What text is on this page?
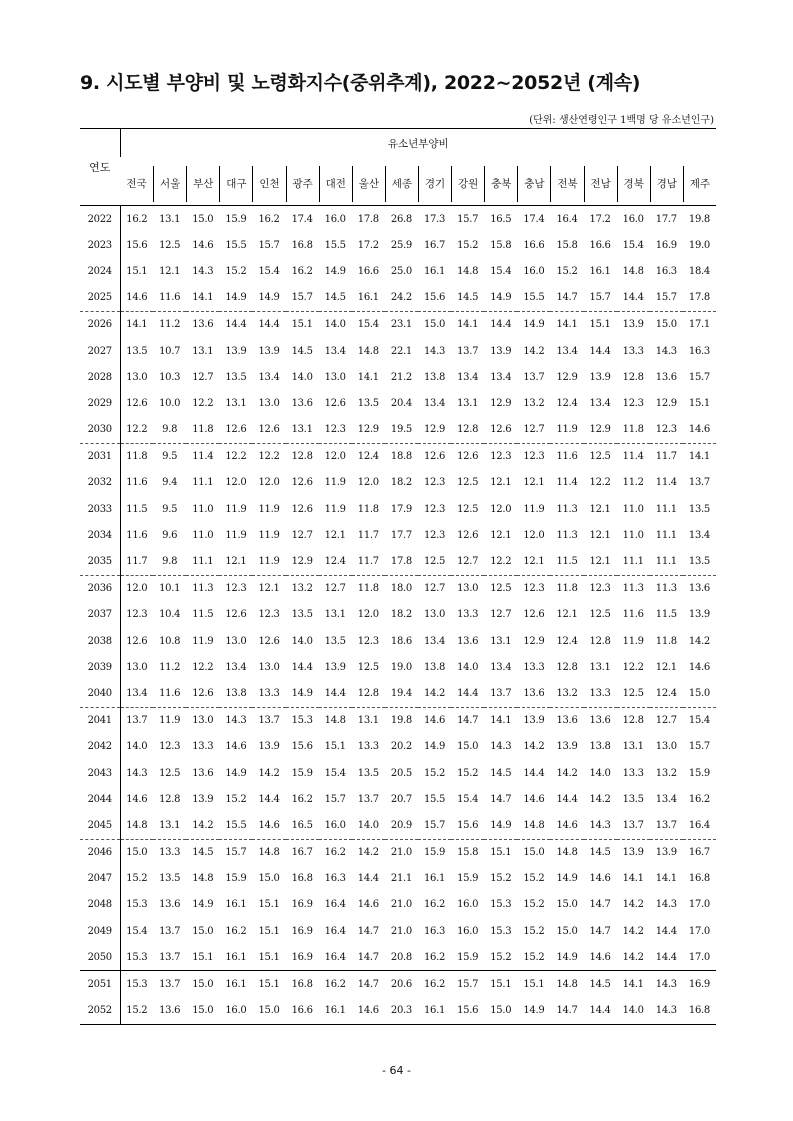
9. 시도별 부양비 및 노령화지수(중위추계), 2022~2052년 (계속)
(단위: 생산연령인구 1백명 당 유소년인구)
연도	유소년부양비																	

	전국	서울	부산	대구	인천	광주	대전	울산	세종	경기	강원	충북	충남	전북	전남	경북	경남	제주

2022	16.2	13.1	15.0	15.9	16.2	17.4	16.0	17.8	26.8	17.3	15.7	16.5	17.4	16.4	17.2	16.0	17.7	19.8
2023	15.6	12.5	14.6	15.5	15.7	16.8	15.5	17.2	25.9	16.7	15.2	15.8	16.6	15.8	16.6	15.4	16.9	19.0
2024	15.1	12.1	14.3	15.2	15.4	16.2	14.9	16.6	25.0	16.1	14.8	15.4	16.0	15.2	16.1	14.8	16.3	18.4
2025	14.6	11.6	14.1	14.9	14.9	15.7	14.5	16.1	24.2	15.6	14.5	14.9	15.5	14.7	15.7	14.4	15.7	17.8
2026	14.1	11.2	13.6	14.4	14.4	15.1	14.0	15.4	23.1	15.0	14.1	14.4	14.9	14.1	15.1	13.9	15.0	17.1
2027	13.5	10.7	13.1	13.9	13.9	14.5	13.4	14.8	22.1	14.3	13.7	13.9	14.2	13.4	14.4	13.3	14.3	16.3
2028	13.0	10.3	12.7	13.5	13.4	14.0	13.0	14.1	21.2	13.8	13.4	13.4	13.7	12.9	13.9	12.8	13.6	15.7
2029	12.6	10.0	12.2	13.1	13.0	13.6	12.6	13.5	20.4	13.4	13.1	12.9	13.2	12.4	13.4	12.3	12.9	15.1
2030	12.2	9.8	11.8	12.6	12.6	13.1	12.3	12.9	19.5	12.9	12.8	12.6	12.7	11.9	12.9	11.8	12.3	14.6
2031	11.8	9.5	11.4	12.2	12.2	12.8	12.0	12.4	18.8	12.6	12.6	12.3	12.3	11.6	12.5	11.4	11.7	14.1
2032	11.6	9.4	11.1	12.0	12.0	12.6	11.9	12.0	18.2	12.3	12.5	12.1	12.1	11.4	12.2	11.2	11.4	13.7
2033	11.5	9.5	11.0	11.9	11.9	12.6	11.9	11.8	17.9	12.3	12.5	12.0	11.9	11.3	12.1	11.0	11.1	13.5
2034	11.6	9.6	11.0	11.9	11.9	12.7	12.1	11.7	17.7	12.3	12.6	12.1	12.0	11.3	12.1	11.0	11.1	13.4
2035	11.7	9.8	11.1	12.1	11.9	12.9	12.4	11.7	17.8	12.5	12.7	12.2	12.1	11.5	12.1	11.1	11.1	13.5
2036	12.0	10.1	11.3	12.3	12.1	13.2	12.7	11.8	18.0	12.7	13.0	12.5	12.3	11.8	12.3	11.3	11.3	13.6
2037	12.3	10.4	11.5	12.6	12.3	13.5	13.1	12.0	18.2	13.0	13.3	12.7	12.6	12.1	12.5	11.6	11.5	13.9
2038	12.6	10.8	11.9	13.0	12.6	14.0	13.5	12.3	18.6	13.4	13.6	13.1	12.9	12.4	12.8	11.9	11.8	14.2
2039	13.0	11.2	12.2	13.4	13.0	14.4	13.9	12.5	19.0	13.8	14.0	13.4	13.3	12.8	13.1	12.2	12.1	14.6
2040	13.4	11.6	12.6	13.8	13.3	14.9	14.4	12.8	19.4	14.2	14.4	13.7	13.6	13.2	13.3	12.5	12.4	15.0
2041	13.7	11.9	13.0	14.3	13.7	15.3	14.8	13.1	19.8	14.6	14.7	14.1	13.9	13.6	13.6	12.8	12.7	15.4
2042	14.0	12.3	13.3	14.6	13.9	15.6	15.1	13.3	20.2	14.9	15.0	14.3	14.2	13.9	13.8	13.1	13.0	15.7
2043	14.3	12.5	13.6	14.9	14.2	15.9	15.4	13.5	20.5	15.2	15.2	14.5	14.4	14.2	14.0	13.3	13.2	15.9
2044	14.6	12.8	13.9	15.2	14.4	16.2	15.7	13.7	20.7	15.5	15.4	14.7	14.6	14.4	14.2	13.5	13.4	16.2
2045	14.8	13.1	14.2	15.5	14.6	16.5	16.0	14.0	20.9	15.7	15.6	14.9	14.8	14.6	14.3	13.7	13.7	16.4
2046	15.0	13.3	14.5	15.7	14.8	16.7	16.2	14.2	21.0	15.9	15.8	15.1	15.0	14.8	14.5	13.9	13.9	16.7
2047	15.2	13.5	14.8	15.9	15.0	16.8	16.3	14.4	21.1	16.1	15.9	15.2	15.2	14.9	14.6	14.1	14.1	16.8
2048	15.3	13.6	14.9	16.1	15.1	16.9	16.4	14.6	21.0	16.2	16.0	15.3	15.2	15.0	14.7	14.2	14.3	17.0
2049	15.4	13.7	15.0	16.2	15.1	16.9	16.4	14.7	21.0	16.3	16.0	15.3	15.2	15.0	14.7	14.2	14.4	17.0
2050	15.3	13.7	15.1	16.1	15.1	16.9	16.4	14.7	20.8	16.2	15.9	15.2	15.2	14.9	14.6	14.2	14.4	17.0
2051	15.3	13.7	15.0	16.1	15.1	16.8	16.2	14.7	20.6	16.2	15.7	15.1	15.1	14.8	14.5	14.1	14.3	16.9
2052	15.2	13.6	15.0	16.0	15.0	16.6	16.1	14.6	20.3	16.1	15.6	15.0	14.9	14.7	14.4	14.0	14.3	16.8
- 64 -
